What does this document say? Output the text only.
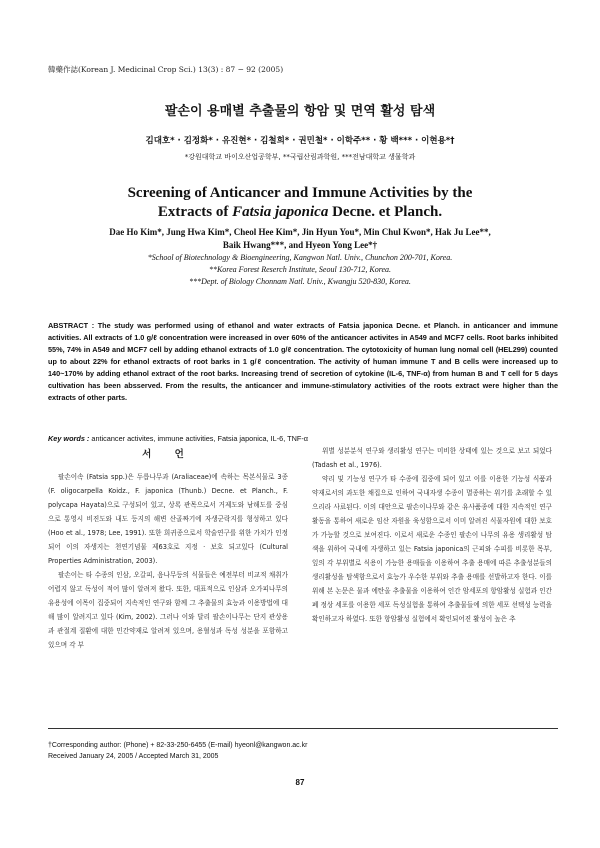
韓藥作誌(Korean J. Medicinal Crop Sci.) 13(3) : 87 − 92 (2005)
팔손이 용매별 추출물의 항암 및 면역 활성 탐색
김대호* · 김정화* · 유진현* · 김철희* · 권민철* · 이학주** · 황 백*** · 이현용*†
*강원대학교 바이오산업공학부, **국립산림과학원, ***전남대학교 생물학과
Screening of Anticancer and Immune Activities by the
Extracts of Fatsia japonica Decne. et Planch.
Dae Ho Kim*, Jung Hwa Kim*, Cheol Hee Kim*, Jin Hyun You*, Min Chul Kwon*, Hak Ju Lee**,
Baik Hwang***, and Hyeon Yong Lee*†
*School of Biotechnology & Bioengineering, Kangwon Natl. Univ., Chunchon 200-701, Korea.
**Korea Forest Reserch Institute, Seoul 130-712, Korea.
***Dept. of Biology Chonnam Natl. Univ., Kwangju 520-830, Korea.
ABSTRACT : The study was performed using of ethanol and water extracts of Fatsia japonica Decne. et Planch. in anticancer and immune activities. All extracts of 1.0 g/ℓ concentration were increased in over 60% of the anticancer activites in A549 and MCF7 cells. Root barks inhibited 55%, 74% in A549 and MCF7 cell by adding ethanol extracts of 1.0 g/ℓ concentration. The cytotoxicity of human lung nomal cell (HEL299) counted up to about 22% for ethanol extracts of root barks in 1 g/ℓ concentration. The activity of human immune T and B cells were increased up to 140~170% by adding ethanol extract of the root barks. Increasing trend of secretion of cytokine (IL-6, TNF-α) from human B and T cell for 5 days cultivation has been absserved. From the results, the anticancer and immune-stimulatory activities of the roots extract were higher than the extracts of other parts.
Key words : anticancer activites, immune activities, Fatsia japonica, IL-6, TNF-α
서 언

팔손이속 (Fatsia spp.)은 두릅나무과 (Araliaceae)에 속하는 목본식물로 3종 (F. oligocarpella Koidz., F. japonica (Thunb.) Decne. et Planch., F. polycapa Hayata)으로 구성되어 있고, 상록 관목으로서 거제도와 남해도를 중심으로 통영시 비진도와 내도 등지의 해변 산골짜기에 자생군락지를 형성하고 있다 (Hoo et al., 1978; Lee, 1991). 또한 희귀종으로서 학술연구를 위한 가치가 인정되어 이의 자생지는 천연기념물 제63호로 지정 · 보호 되고있다 (Cultural Properties Administration, 2003).

팔손이는 타 수종의 인삼, 오갈피, 음나무등의 식물들은 예전부터 비교적 채취가 어렵지 않고 독성이 적어 많이 알려져 왔다. 또한, 대표적으로 인삼과 오가피나무의 유용성에 이목이 집중되어 지속적인 연구와 함께 그 추출물의 효능과 이용방법에 대해 많이 알려지고 있다 (Kim, 2002). 그러나 이와 달리 팔손이나무는 단지 관상용과 관절계 질환에 대한 민간약재로 알려져 있으며, 용혈성과 독성 성분을 포함하고 있으며 각 부

위별 성분분석 연구와 생리활성 연구는 미비한 상태에 있는 것으로 보고 되었다 (Tadash et al., 1976).

약리 및 기능성 연구가 타 수종에 집중에 되어 있고 이를 이용한 기능성 식품과 약재로서의 과도한 채집으로 인하여 국내자생 수종이 멸종하는 위기를 초래할 수 있으리라 사료된다. 이의 대안으로 팔손이나무와 같은 유사품종에 대한 지속적인 연구 활동을 통하여 새로운 임산 자원을 육성함으로서 이미 알려진 식물자원에 대한 보호가 가능할 것으로 보여진다. 이로서 새로운 수종인 팔손이 나무의 유용 생리활성 탐색을 위하여 국내에 자생하고 있는 Fatsia japonica의 근피와 수피를 비롯한 목부, 잎의 각 부위별로 식용이 가능한 용매들을 이용하여 추출 용매에 따른 추출성분들의 생리활성을 탐색함으로서 효능가 우수한 부위와 추출 용매를 선발하고자 한다. 이를 위해 본 논문은 물과 에탄올 추출물을 이용하여 인간 암세포의 항암활성 실험과 인간 폐 정상 세포를 이용한 세포 독성실험을 통하여 추출물들에 의한 세포 선택성 능력을 확인하고자 하였다. 또한 항암활성 실험에서 확인되어진 활성이 높은 추

†Corresponding author: (Phone) + 82-33-250-6455 (E-mail) hyeonl@kangwon.ac.kr
Received January 24, 2005 / Accepted March 31, 2005
87
